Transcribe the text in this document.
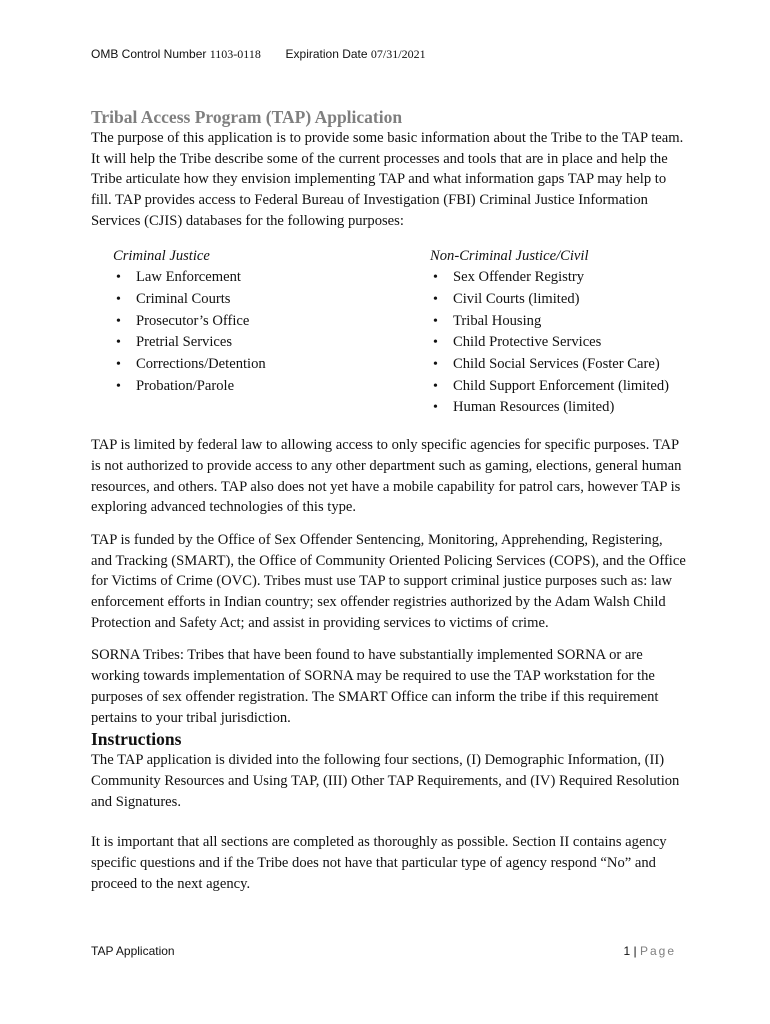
OMB Control Number 1103-0118 Expiration Date 07/31/2021

Tribal Access Program (TAP) Application

The purpose of this application is to provide some basic information about the Tribe to the TAP team. It will help the Tribe describe some of the current processes and tools that are in place and help the Tribe articulate how they envision implementing TAP and what information gaps TAP may help to fill. TAP provides access to Federal Bureau of Investigation (FBI) Criminal Justice Information Services (CJIS) databases for the following purposes:

Criminal Justice

• Law Enforcement
• Criminal Courts
• Prosecutor’s Office
• Pretrial Services
• Corrections/Detention
• Probation/Parole

Non-Criminal Justice/Civil

• Sex Offender Registry
• Civil Courts (limited)
• Tribal Housing
• Child Protective Services
• Child Social Services (Foster Care)
• Child Support Enforcement (limited)
• Human Resources (limited)

TAP is limited by federal law to allowing access to only specific agencies for specific purposes. TAP is not authorized to provide access to any other department such as gaming, elections, general human resources, and others. TAP also does not yet have a mobile capability for patrol cars, however TAP is exploring advanced technologies of this type.

TAP is funded by the Office of Sex Offender Sentencing, Monitoring, Apprehending, Registering, and Tracking (SMART), the Office of Community Oriented Policing Services (COPS), and the Office for Victims of Crime (OVC). Tribes must use TAP to support criminal justice purposes such as: law enforcement efforts in Indian country; sex offender registries authorized by the Adam Walsh Child Protection and Safety Act; and assist in providing services to victims of crime.

SORNA Tribes: Tribes that have been found to have substantially implemented SORNA or are working towards implementation of SORNA may be required to use the TAP workstation for the purposes of sex offender registration. The SMART Office can inform the tribe if this requirement pertains to your tribal jurisdiction.

Instructions

The TAP application is divided into the following four sections, (I) Demographic Information, (II) Community Resources and Using TAP, (III) Other TAP Requirements, and (IV) Required Resolution and Signatures.

It is important that all sections are completed as thoroughly as possible. Section II contains agency specific questions and if the Tribe does not have that particular type of agency respond “No” and proceed to the next agency.

TAP Application	1 | Page
